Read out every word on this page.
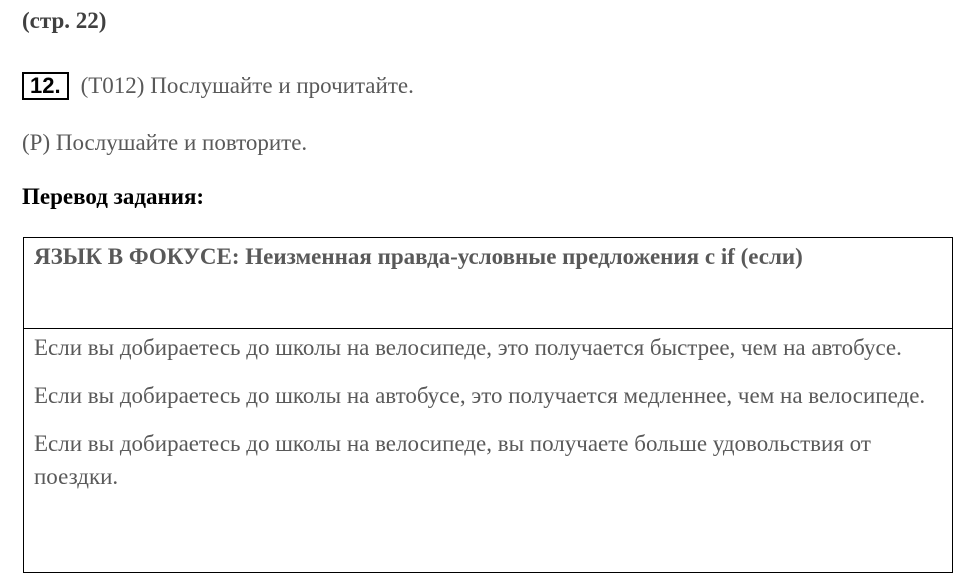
(стр. 22)
12. (T012) Послушайте и прочитайте.
(P) Послушайте и повторите.
Перевод задания:
ЯЗЫК В ФОКУСЕ: Неизменная правда-условные предложения с if (если)

Если вы добираетесь до школы на велосипеде, это получается быстрее, чем на автобусе.

Если вы добираетесь до школы на автобусе, это получается медленнее, чем на велосипеде.

Если вы добираетесь до школы на велосипеде, вы получаете больше удовольствия от поездки.
